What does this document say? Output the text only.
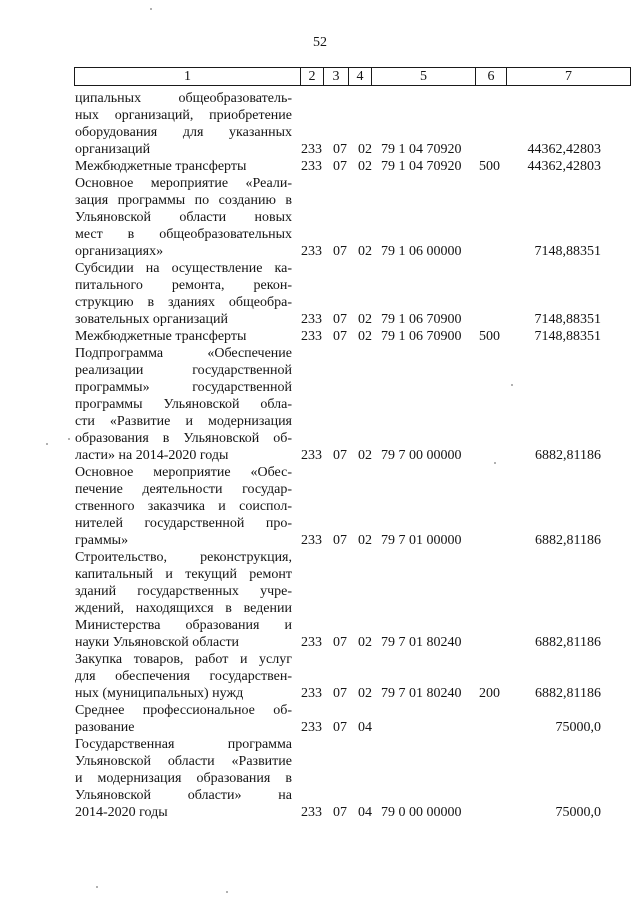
52
1	2	3	4	5	6	7
ципальных общеобразователь-
ных организаций, приобретение
оборудования для указанных
организаций	233 07 02 79 1 04 70920	44362,42803
Межбюджетные трансферты	233 07 02 79 1 04 70920 500 44362,42803
Основное мероприятие «Реали-
зация программы по созданию в
Ульяновской области новых
мест в общеобразовательных
организациях»	233 07 02 79 1 06 00000	7148,88351
Субсидии на осуществление ка-
питального ремонта, рекон-
струкцию в зданиях общеобра-
зовательных организаций	233 07 02 79 1 06 70900	7148,88351
Межбюджетные трансферты	233 07 02 79 1 06 70900 500 7148,88351
Подпрограмма «Обеспечение
реализации государственной
программы» государственной
программы Ульяновской обла-
сти «Развитие и модернизация
образования в Ульяновской об-
ласти» на 2014-2020 годы	233 07 02 79 7 00 00000	6882,81186
Основное мероприятие «Обес-
печение деятельности государ-
ственного заказчика и соиспол-
нителей государственной про-
граммы»	233 07 02 79 7 01 00000	6882,81186
Строительство, реконструкция,
капитальный и текущий ремонт
зданий государственных учре-
ждений, находящихся в ведении
Министерства образования и
науки Ульяновской области	233 07 02 79 7 01 80240	6882,81186
Закупка товаров, работ и услуг
для обеспечения государствен-
ных (муниципальных) нужд	233 07 02 79 7 01 80240 200	6882,81186
Среднее профессиональное об-
разование	233 07 04	75000,0
Государственная программа
Ульяновской области «Развитие
и модернизация образования в
Ульяновской области» на
2014-2020 годы	233 07 04 79 0 00 00000	75000,0
